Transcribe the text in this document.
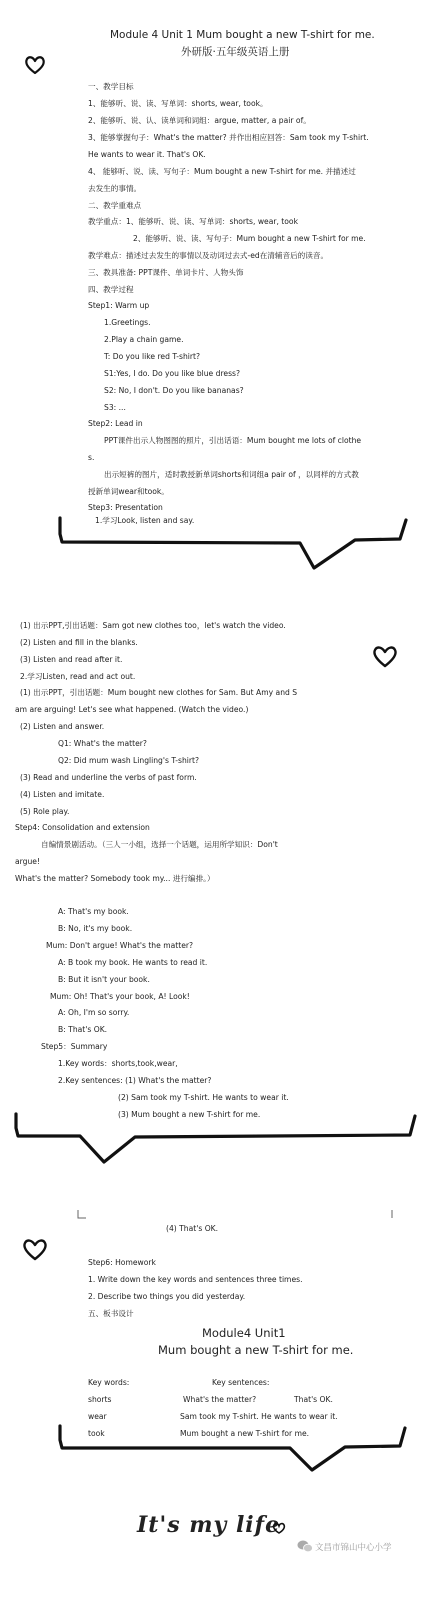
Module 4 Unit 1 Mum bought a new T-shirt for me.
外研版·五年级英语上册
一、教学目标
1、能够听、说、读、写单词：shorts, wear, took。
2、能够听、说、认、读单词和词组：argue, matter, a pair of。
3、能够掌握句子：What's the matter? 并作出相应回答：Sam took my T-shirt.
He wants to wear it. That's OK.
4、 能够听、说、读、写句子：Mum bought a new T-shirt for me. 并描述过
去发生的事情。
二、教学重难点
教学重点：1、能够听、说、读、写单词：shorts, wear, took
2、能够听、说、读、写句子：Mum bought a new T-shirt for me.
教学难点：描述过去发生的事情以及动词过去式-ed在清辅音后的读音。
三、教具准备: PPT课件、单词卡片、人物头饰
四、教学过程
Step1: Warm up
1.Greetings.
2.Play a chain game.
T: Do you like red T-shirt?
S1:Yes, I do. Do you like blue dress?
S2: No, I don't. Do you like bananas?
S3: ...
Step2: Lead in
PPT课件出示人物图图的照片，引出话语：Mum bought me lots of clothe
s.
出示短裤的图片，适时教授新单词shorts和词组a pair of ，以同样的方式教
授新单词wear和took。
Step3: Presentation
1.学习Look, listen and say.
(1) 出示PPT,引出话题：Sam got new clothes too，let's watch the video.
(2) Listen and fill in the blanks.
(3) Listen and read after it.
2.学习Listen, read and act out.
(1) 出示PPT，引出话题：Mum bought new clothes for Sam. But Amy and S
am are arguing! Let's see what happened. (Watch the video.)
(2) Listen and answer.
Q1: What's the matter?
Q2: Did mum wash Lingling's T-shirt?
(3) Read and underline the verbs of past form.
(4) Listen and imitate.
(5) Role play.
Step4: Consolidation and extension
自编情景剧活动。（三人一小组，选择一个话题，运用所学知识：Don't
argue!
What's the matter? Somebody took my... 进行编排。）
A: That's my book.
B: No, it's my book.
Mum: Don't argue! What's the matter?
A: B took my book. He wants to read it.
B: But it isn't your book.
Mum: Oh! That's your book, A! Look!
A: Oh, I'm so sorry.
B: That's OK.
Step5：Summary
1.Key words：shorts,took,wear,
2.Key sentences: (1) What's the matter?
(2) Sam took my T-shirt. He wants to wear it.
(3) Mum bought a new T-shirt for me.
(4) That's OK.
Step6: Homework
1. Write down the key words and sentences three times.
2. Describe two things you did yesterday.
五、板书设计
Module4 Unit1
Mum bought a new T-shirt for me.
Key words:	Key sentences:
shorts	What's the matter?	That's OK.
wear	Sam took my T-shirt. He wants to wear it.
took	Mum bought a new T-shirt for me.
It's my life
文昌市锦山中心小学
